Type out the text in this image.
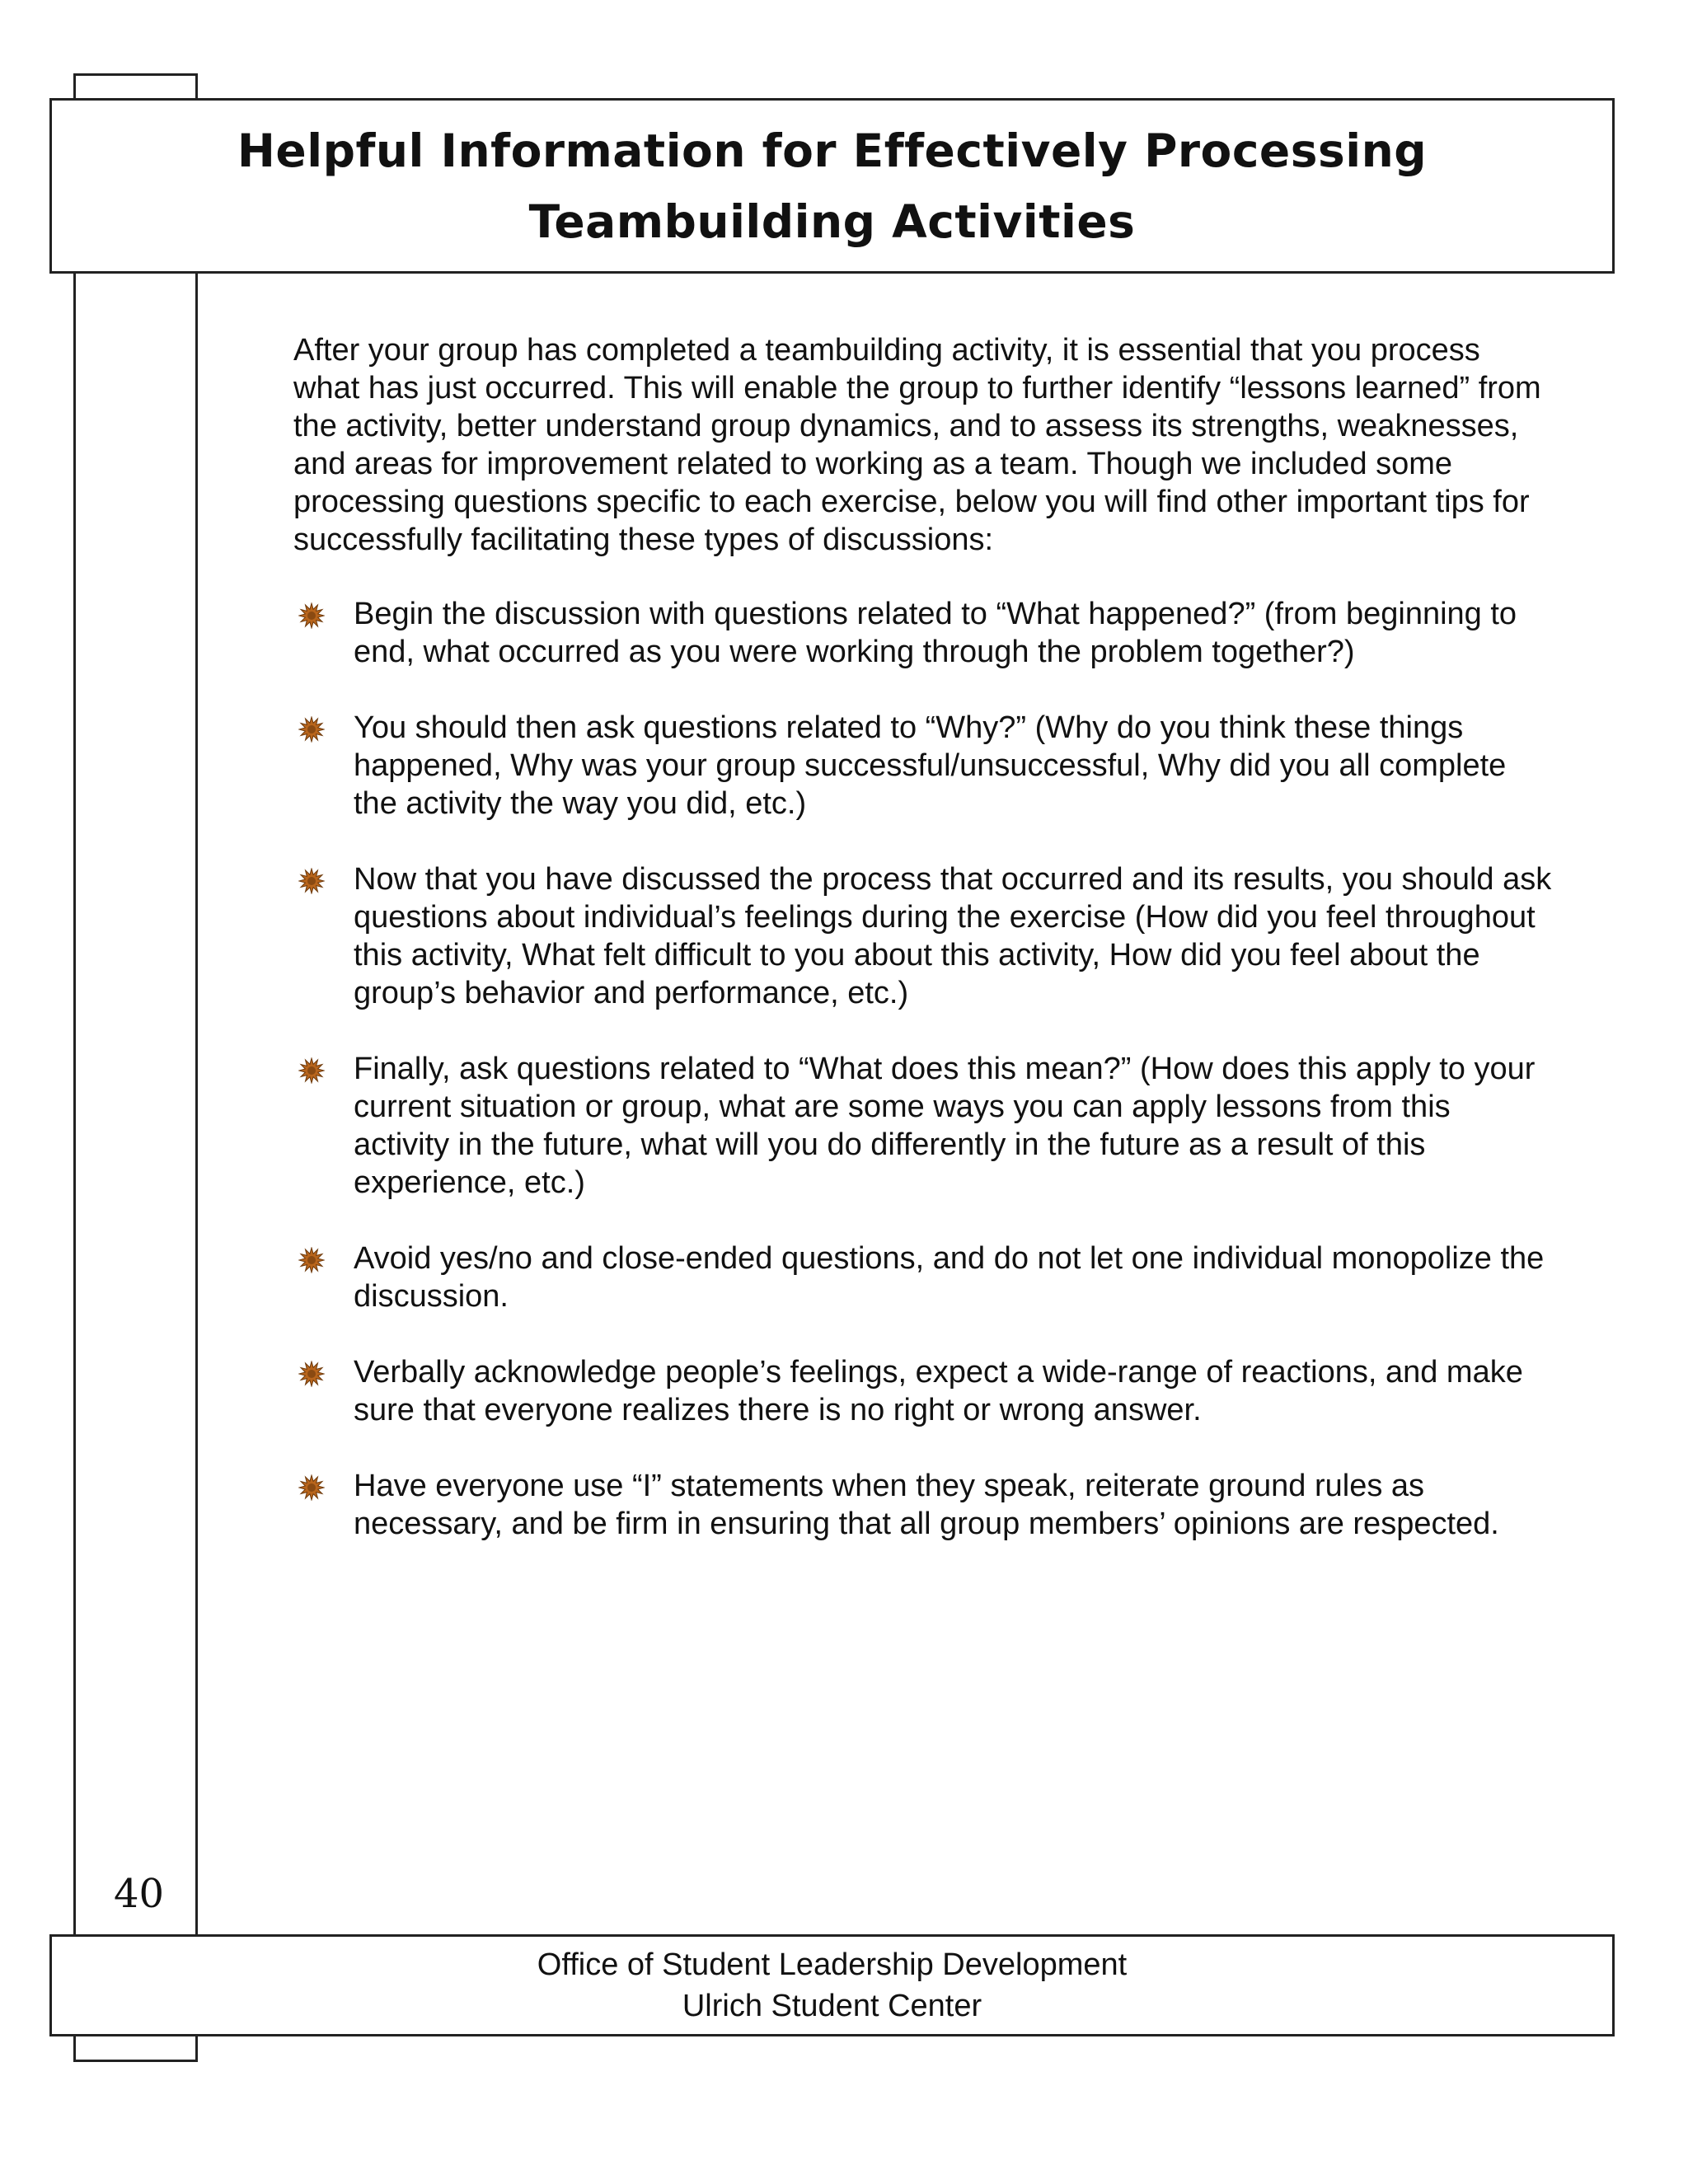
Helpful Information for Effectively Processing
Teambuilding Activities

After your group has completed a teambuilding activity, it is essential that you process what has just occurred. This will enable the group to further identify “lessons learned” from the activity, better understand group dynamics, and to assess its strengths, weaknesses, and areas for improvement related to working as a team. Though we included some processing questions specific to each exercise, below you will find other important tips for successfully facilitating these types of discussions:

Begin the discussion with questions related to “What happened?” (from beginning to end, what occurred as you were working through the problem together?)
You should then ask questions related to “Why?” (Why do you think these things happened, Why was your group successful/unsuccessful, Why did you all complete the activity the way you did, etc.)
Now that you have discussed the process that occurred and its results, you should ask questions about individual’s feelings during the exercise (How did you feel throughout this activity, What felt difficult to you about this activity, How did you feel about the group’s behavior and performance, etc.)
Finally, ask questions related to “What does this mean?” (How does this apply to your current situation or group, what are some ways you can apply lessons from this activity in the future, what will you do differently in the future as a result of this experience, etc.)
Avoid yes/no and close-ended questions, and do not let one individual monopolize the discussion.
Verbally acknowledge people’s feelings, expect a wide-range of reactions, and make sure that everyone realizes there is no right or wrong answer.
Have everyone use “I” statements when they speak, reiterate ground rules as necessary, and be firm in ensuring that all group members’ opinions are respected.
40
Office of Student Leadership Development
Ulrich Student Center
